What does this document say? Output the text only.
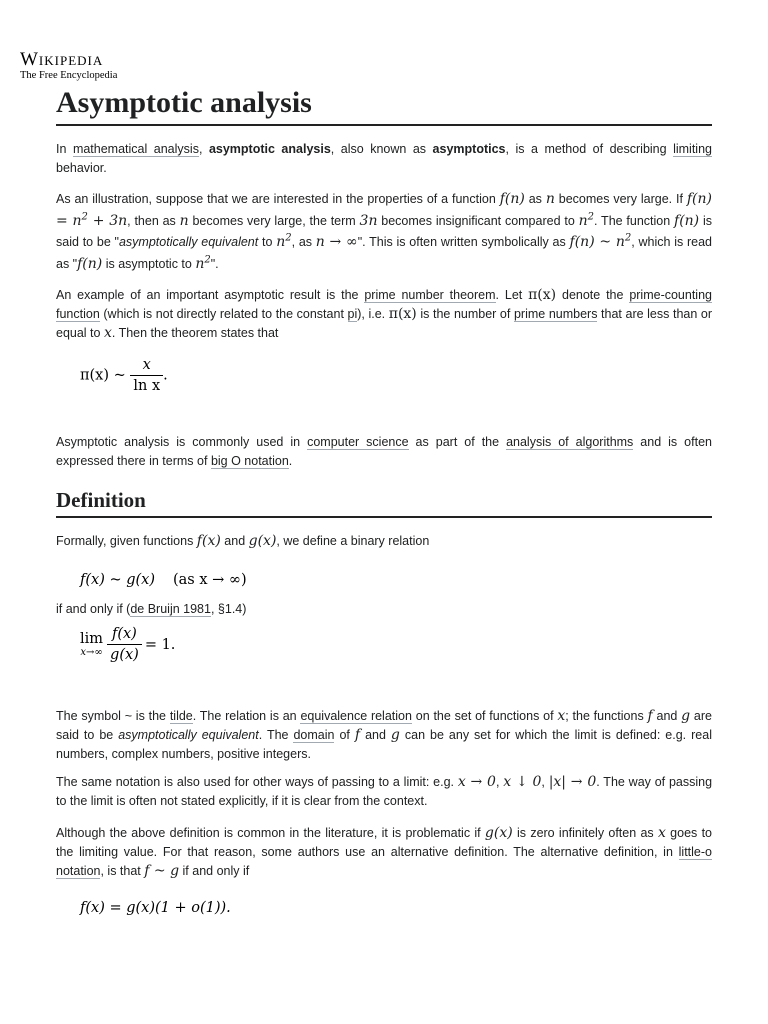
Wikipedia
The Free Encyclopedia
Asymptotic analysis

In mathematical analysis, asymptotic analysis, also known as asymptotics, is a method of describing limiting behavior.

As an illustration, suppose that we are interested in the properties of a function f(n) as n becomes very large. If $f(n) = n^2 + 3n$, then as n becomes very large, the term 3n becomes insignificant compared to $n^2$. The function f(n) is said to be "asymptotically equivalent to $n^2$, as n → ∞". This is often written symbolically as f(n) ~ $n^2$, which is read as "f(n) is asymptotic to $n^2$".

An example of an important asymptotic result is the prime number theorem. Let π(x) denote the prime-counting function (which is not directly related to the constant pi), i.e. π(x) is the number of prime numbers that are less than or equal to x. Then the theorem states that

π(x) ~ $\frac{x}{\text{ln x}}$ .

Asymptotic analysis is commonly used in computer science as part of the analysis of algorithms and is often expressed there in terms of big O notation.

Definition

Formally, given functions f(x) and g(x), we define a binary relation

f(x) ~ g(x) (as x → ∞)

if and only if (de Bruijn 1981, §1.4)

lim
$x\to\infty \frac{f(x)}{g(x)} = 1$.

The symbol ~ is the tilde. The relation is an equivalence relation on the set of functions of x; the functions f and g are said to be asymptotically equivalent. The domain of f and g can be any set for which the limit is defined: e.g. real numbers, complex numbers, positive integers.

The same notation is also used for other ways of passing to a limit: e.g. x → 0, x ↓ 0, |x| → 0. The way of passing to the limit is often not stated explicitly, if it is clear from the context.

Although the above definition is common in the literature, it is problematic if g(x) is zero infinitely often as x goes to the limiting value. For that reason, some authors use an alternative definition. The alternative definition, in little-o notation, is that f ~ g if and only if

f(x) = g(x)(1 + o(1)).
